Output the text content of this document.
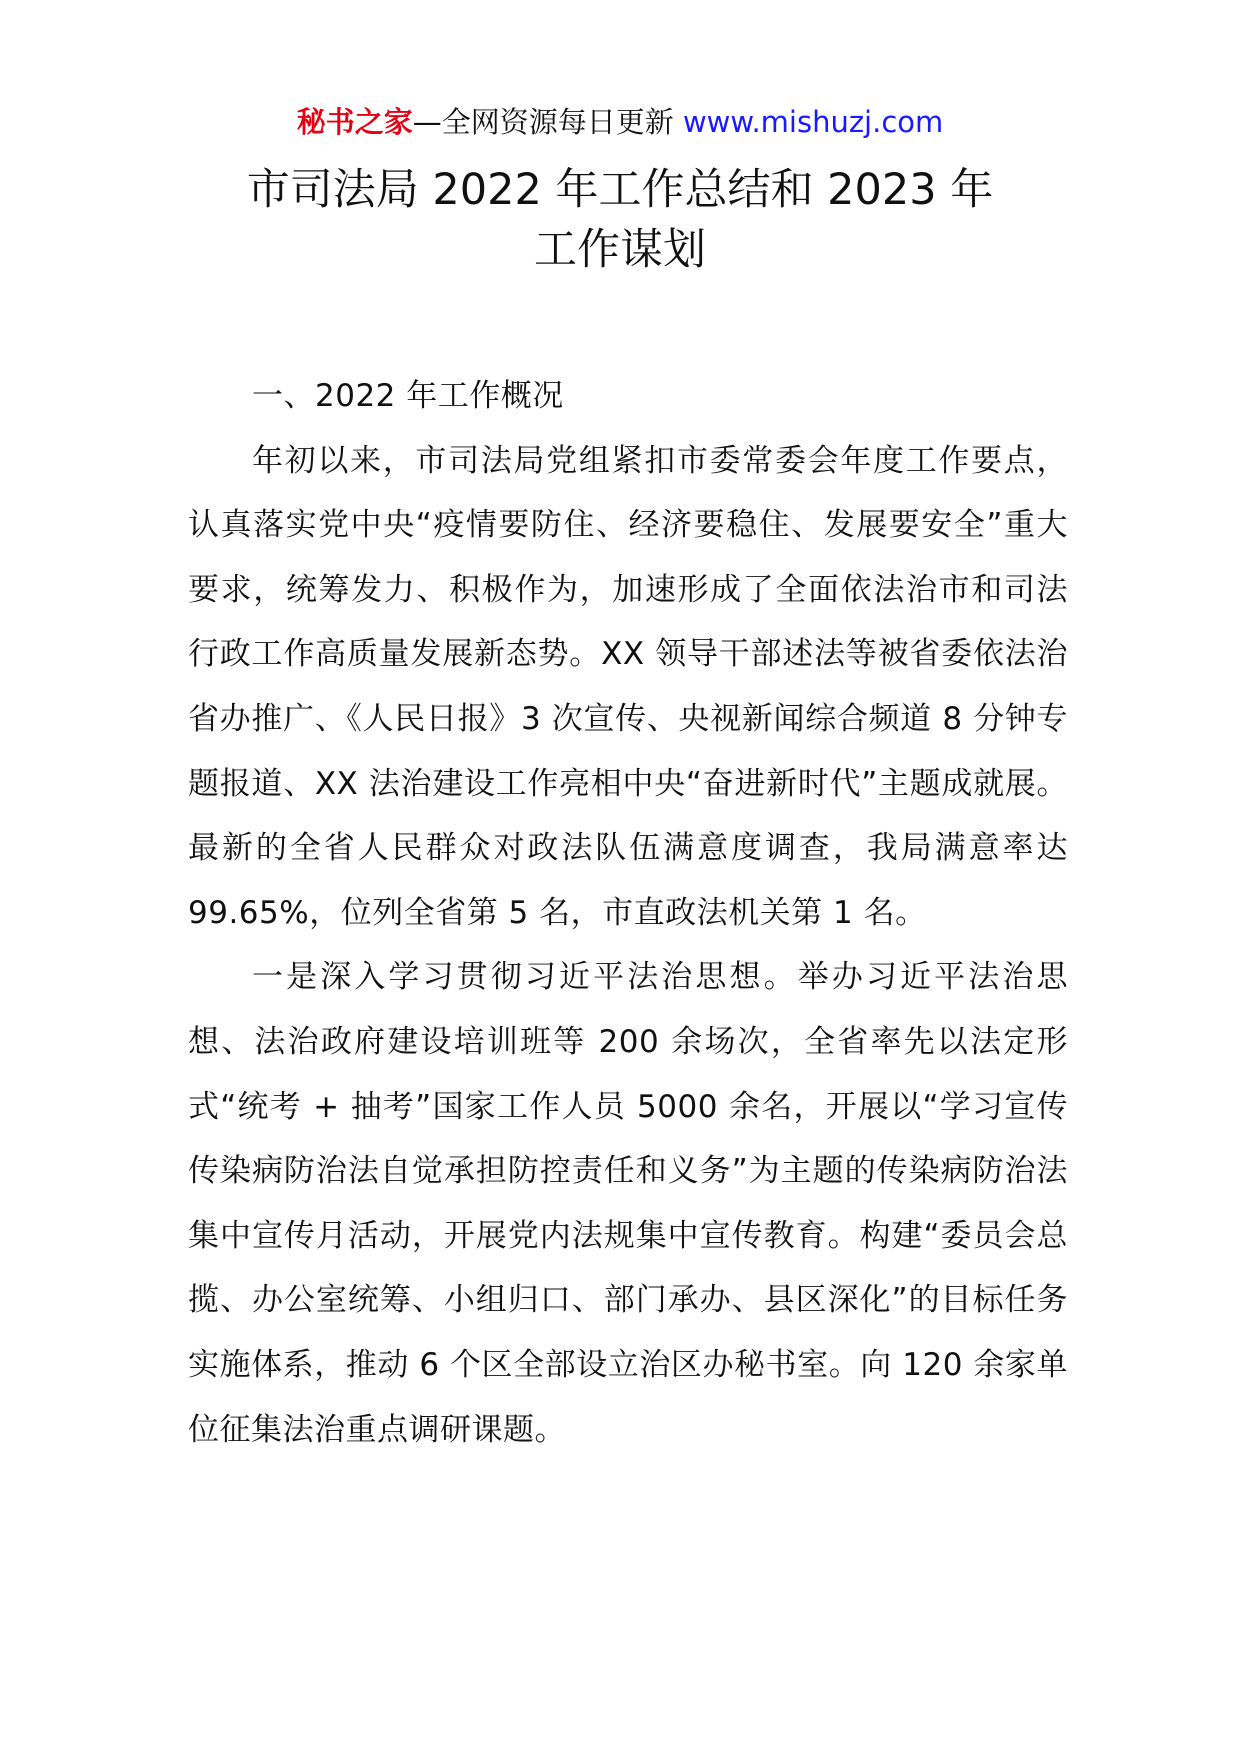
秘书之家—全网资源每日更新 www.mishuzj.com
市司法局 2022 年工作总结和 2023 年
工作谋划

一、2022 年工作概况

年初以来，市司法局党组紧扣市委常委会年度工作要点，认真落实党中央“疫情要防住、经济要稳住、发展要安全”重大要求，统筹发力、积极作为，加速形成了全面依法治市和司法行政工作高质量发展新态势。XX 领导干部述法等被省委依法治省办推广、《人民日报》3 次宣传、央视新闻综合频道 8 分钟专题报道、XX 法治建设工作亮相中央“奋进新时代”主题成就展。最新的全省人民群众对政法队伍满意度调查，我局满意率达 99.65%，位列全省第 5 名，市直政法机关第 1 名。

一是深入学习贯彻习近平法治思想。举办习近平法治思想、法治政府建设培训班等 200 余场次，全省率先以法定形式“统考 + 抽考”国家工作人员 5000 余名，开展以“学习宣传传染病防治法自觉承担防控责任和义务”为主题的传染病防治法集中宣传月活动，开展党内法规集中宣传教育。构建“委员会总揽、办公室统筹、小组归口、部门承办、县区深化”的目标任务实施体系，推动 6 个区全部设立治区办秘书室。向 120 余家单位征集法治重点调研课题。
